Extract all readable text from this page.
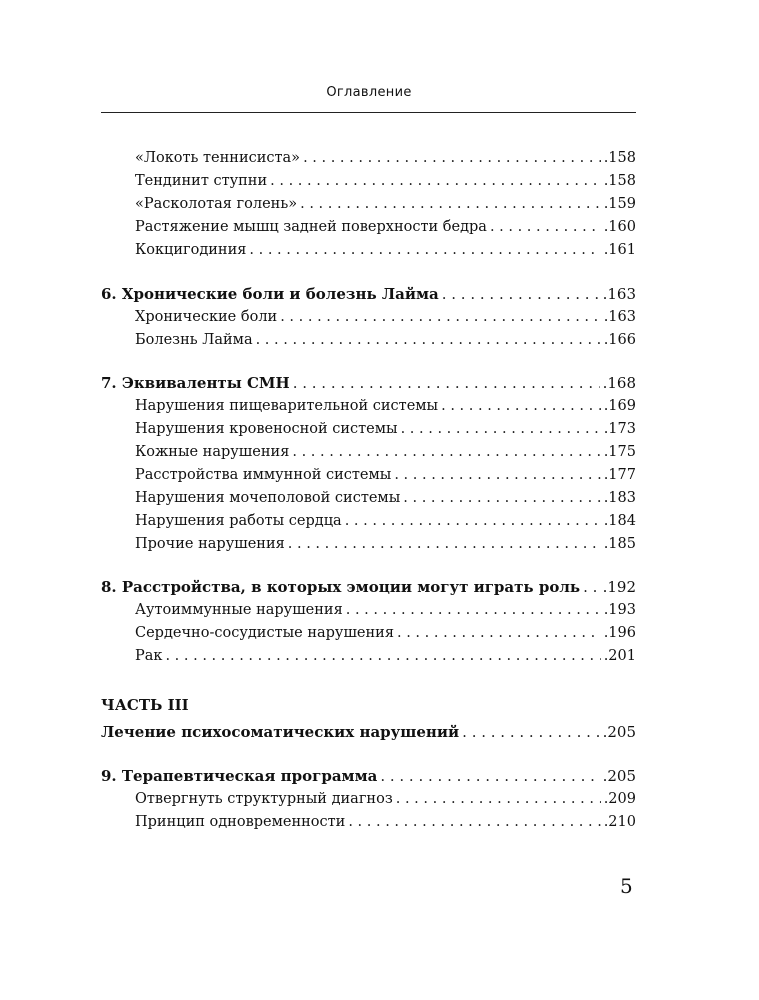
Оглавление
«Локоть теннисиста» . . .	.158
Тендинит ступни . . .	.158
«Расколотая голень» . . .	.159
Растяжение мышц задней поверхности бедра . . .	.160
Кокцигодиния . . .	.161
6. Хронические боли и болезнь Лайма . . .	.163
Хронические боли . . .	.163
Болезнь Лайма . . .	.166
7. Эквиваленты СМН . . .	.168
Нарушения пищеварительной системы . . .	.169
Нарушения кровеносной системы . . .	.173
Кожные нарушения . . .	.175
Расстройства иммунной системы . . .	.177
Нарушения мочеполовой системы . . .	.183
Нарушения работы сердца . . .	.184
Прочие нарушения . . .	.185
8. Расстройства, в которых эмоции могут играть роль . . . .192
Аутоиммунные нарушения . . .	.193
Сердечно-сосудистые нарушения . . .	.196
Рак . . .	.201
ЧАСТЬ III
Лечение психосоматических нарушений . . .	.205
9. Терапевтическая программа . . .	.205
Отвергнуть структурный диагноз . . .	.209
Принцип одновременности . . .	.210
5
